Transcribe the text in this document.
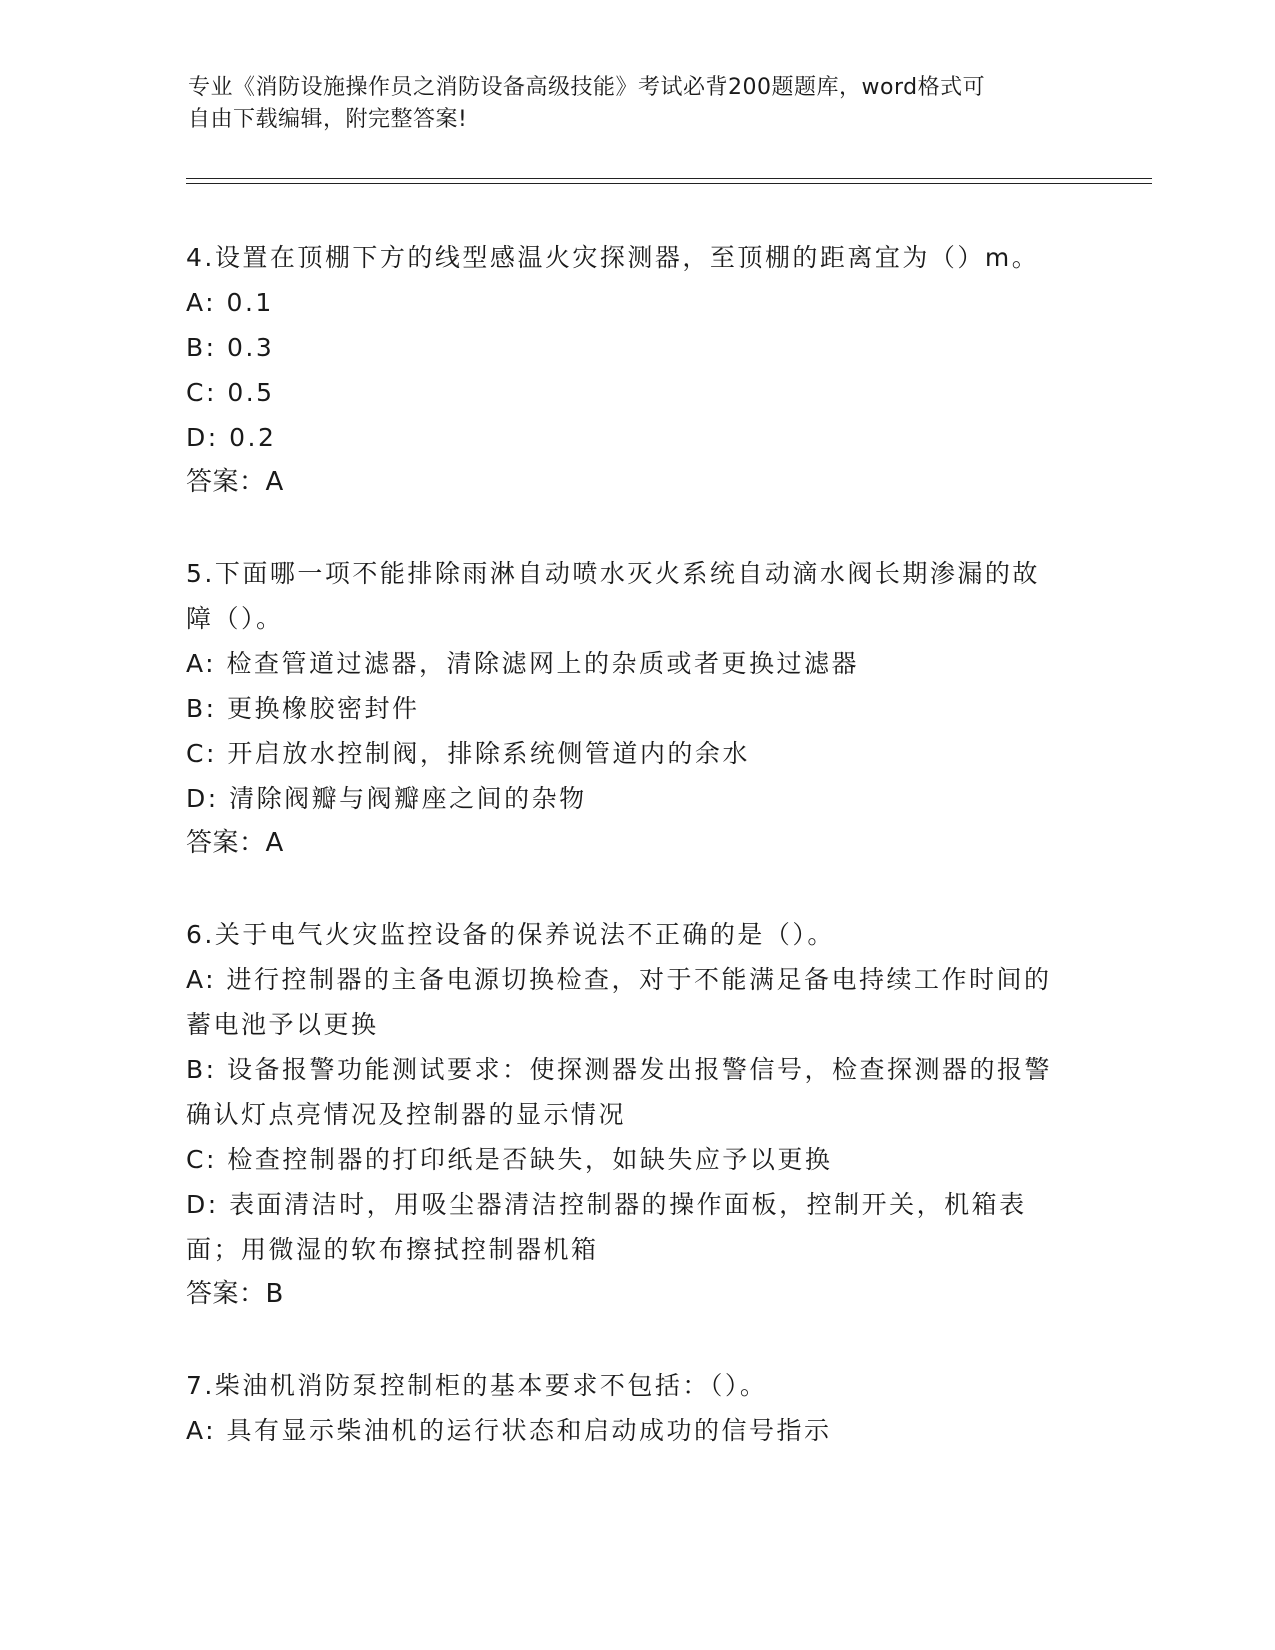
专业《消防设施操作员之消防设备高级技能》考试必背200题题库，word格式可
自由下载编辑，附完整答案!
4.设置在顶棚下方的线型感温火灾探测器，至顶棚的距离宜为（）m。
A: 0.1
B: 0.3
C: 0.5
D: 0.2
答案：A
5.下面哪一项不能排除雨淋自动喷水灭火系统自动滴水阀长期渗漏的故障（）。
A: 检查管道过滤器，清除滤网上的杂质或者更换过滤器
B: 更换橡胶密封件
C: 开启放水控制阀，排除系统侧管道内的余水
D: 清除阀瓣与阀瓣座之间的杂物
答案：A
6.关于电气火灾监控设备的保养说法不正确的是（）。
A: 进行控制器的主备电源切换检查，对于不能满足备电持续工作时间的蓄电池予以更换
B: 设备报警功能测试要求：使探测器发出报警信号，检查探测器的报警确认灯点亮情况及控制器的显示情况
C: 检查控制器的打印纸是否缺失，如缺失应予以更换
D: 表面清洁时，用吸尘器清洁控制器的操作面板，控制开关，机箱表面；用微湿的软布擦拭控制器机箱
答案：B
7.柴油机消防泵控制柜的基本要求不包括：（）。
A: 具有显示柴油机的运行状态和启动成功的信号指示
